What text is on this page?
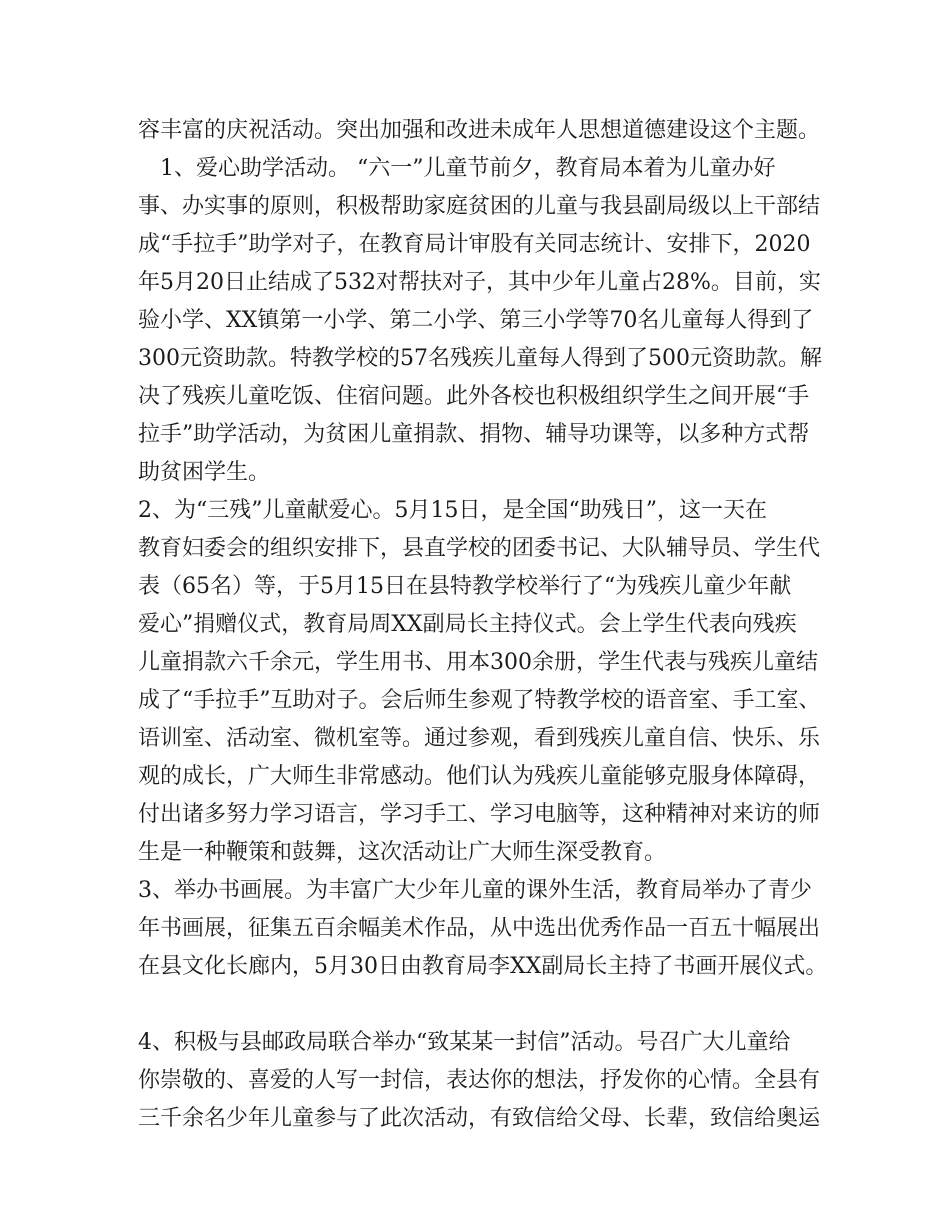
容丰富的庆祝活动。突出加强和改进未成年人思想道德建设这个主题。
1、爱心助学活动。 “六一”儿童节前夕，教育局本着为儿童办好
事、办实事的原则，积极帮助家庭贫困的儿童与我县副局级以上干部结
成“手拉手”助学对子，在教育局计审股有关同志统计、安排下，2020
年5月20日止结成了532对帮扶对子，其中少年儿童占28%。目前，实
验小学、XX镇第一小学、第二小学、第三小学等70名儿童每人得到了
300元资助款。特教学校的57名残疾儿童每人得到了500元资助款。解
决了残疾儿童吃饭、住宿问题。此外各校也积极组织学生之间开展“手
拉手”助学活动，为贫困儿童捐款、捐物、辅导功课等，以多种方式帮
助贫困学生。
2、为“三残”儿童献爱心。5月15日，是全国“助残日”，这一天在
教育妇委会的组织安排下，县直学校的团委书记、大队辅导员、学生代
表（65名）等，于5月15日在县特教学校举行了“为残疾儿童少年献
爱心”捐赠仪式，教育局周XX副局长主持仪式。会上学生代表向残疾
儿童捐款六千余元，学生用书、用本300余册，学生代表与残疾儿童结
成了“手拉手”互助对子。会后师生参观了特教学校的语音室、手工室、
语训室、活动室、微机室等。通过参观，看到残疾儿童自信、快乐、乐
观的成长，广大师生非常感动。他们认为残疾儿童能够克服身体障碍，
付出诸多努力学习语言，学习手工、学习电脑等，这种精神对来访的师
生是一种鞭策和鼓舞，这次活动让广大师生深受教育。
3、举办书画展。为丰富广大少年儿童的课外生活，教育局举办了青少
年书画展，征集五百余幅美术作品，从中选出优秀作品一百五十幅展出
在县文化长廊内，5月30日由教育局李XX副局长主持了书画开展仪式。
4、积极与县邮政局联合举办“致某某一封信”活动。号召广大儿童给
你崇敬的、喜爱的人写一封信，表达你的想法，抒发你的心情。全县有
三千余名少年儿童参与了此次活动，有致信给父母、长辈，致信给奥运
